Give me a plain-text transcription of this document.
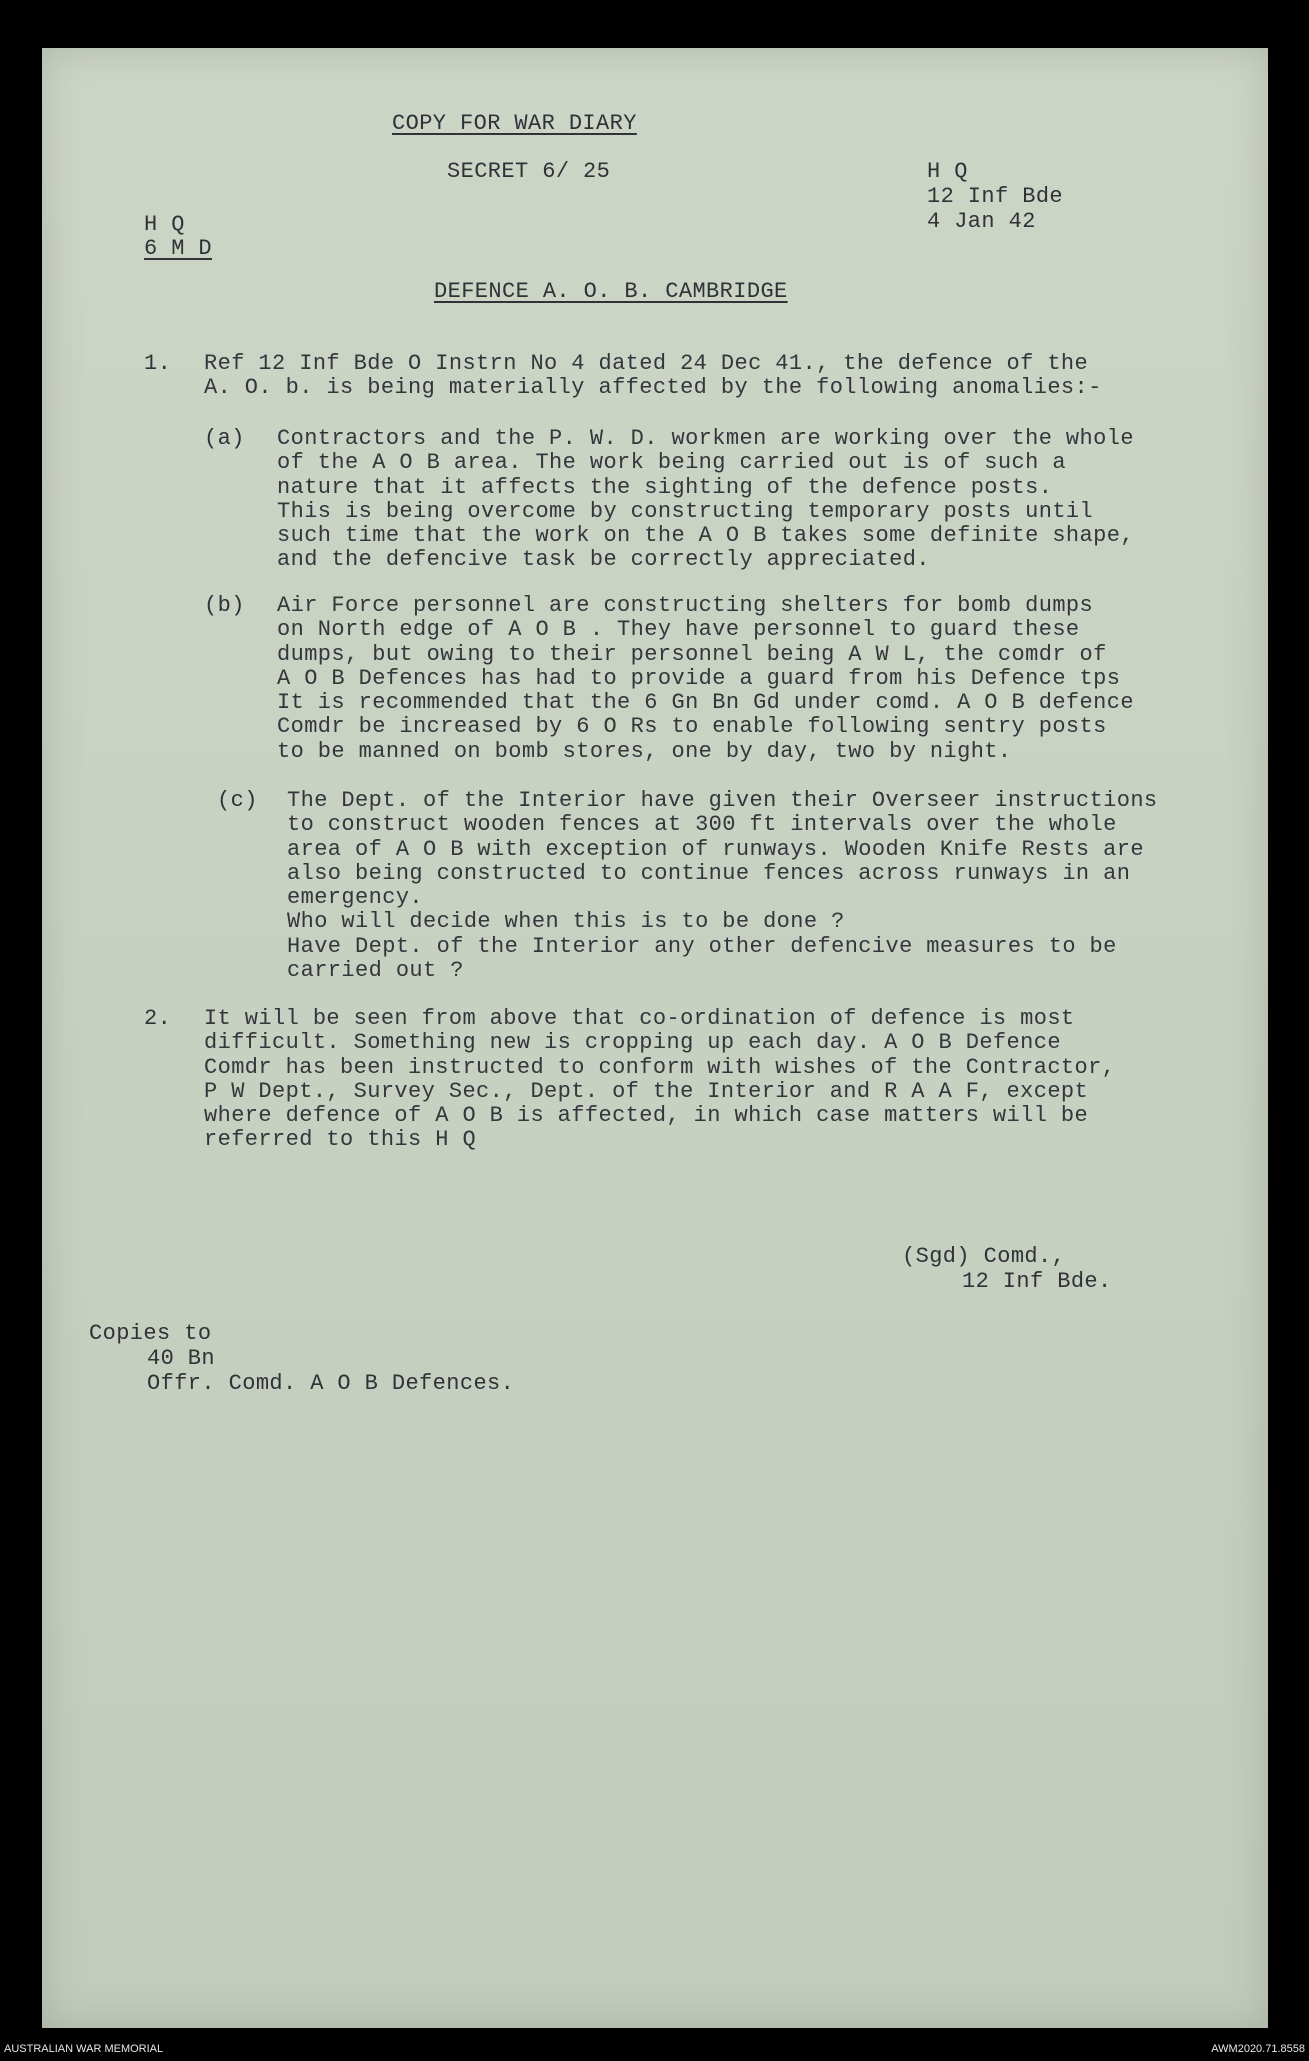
COPY FOR WAR DIARY
SECRET 6/ 25	H Q
12 Inf Bde
4 Jan 42
H Q
6 M D
DEFENCE A. O. B. CAMBRIDGE
1. Ref 12 Inf Bde O Instrn No 4 dated 24 Dec 41., the defence of the
A. O. b. is being materially affected by the following anomalies:-
(a) Contractors and the P. W. D. workmen are working over the whole
of the A O B area. The work being carried out is of such a
nature that it affects the sighting of the defence posts.
This is being overcome by constructing temporary posts until
such time that the work on the A O B takes some definite shape,
and the defencive task be correctly appreciated.
(b) Air Force personnel are constructing shelters for bomb dumps
on North edge of A O B . They have personnel to guard these
dumps, but owing to their personnel being A W L, the comdr of
A O B Defences has had to provide a guard from his Defence tps
It is recommended that the 6 Gn Bn Gd under comd. A O B defence
Comdr be increased by 6 O Rs to enable following sentry posts
to be manned on bomb stores, one by day, two by night.
(c) The Dept. of the Interior have given their Overseer instructions
to construct wooden fences at 300 ft intervals over the whole
area of A O B with exception of runways. Wooden Knife Rests are
also being constructed to continue fences across runways in an
emergency.
Who will decide when this is to be done ?
Have Dept. of the Interior any other defencive measures to be
carried out ?
2. It will be seen from above that co-ordination of defence is most
difficult. Something new is cropping up each day. A O B Defence
Comdr has been instructed to conform with wishes of the Contractor,
P W Dept., Survey Sec., Dept. of the Interior and R A A F, except
where defence of A O B is affected, in which case matters will be
referred to this H Q
(Sgd) Comd.,
12 Inf Bde.
Copies to
40 Bn
Offr. Comd. A O B Defences.
AUSTRALIAN WAR MEMORIAL	AWM2020.71.8558
